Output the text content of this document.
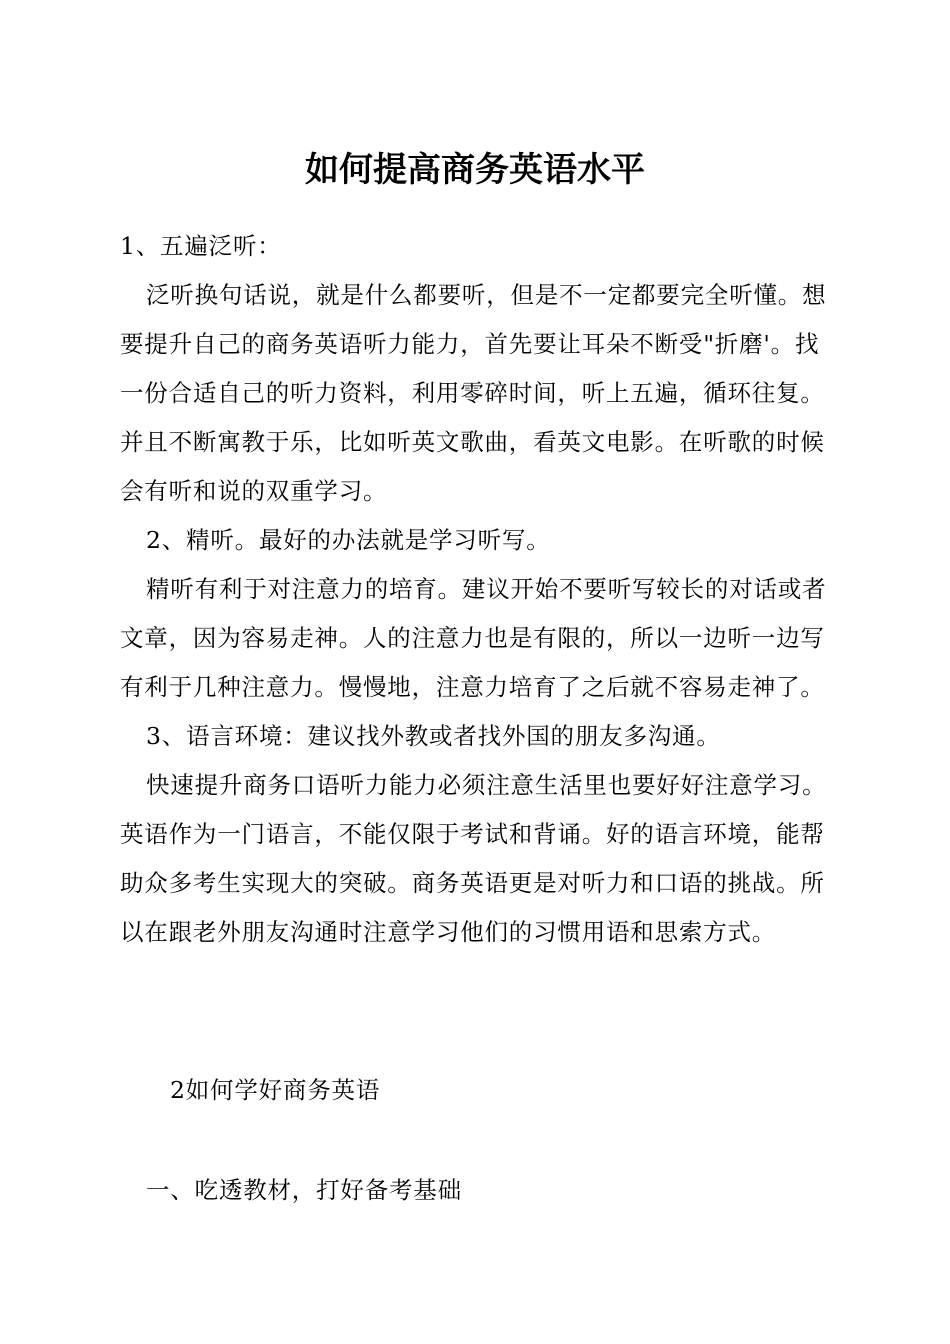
如何提高商务英语水平

1、五遍泛听：

泛听换句话说，就是什么都要听，但是不一定都要完全听懂。想要提升自己的商务英语听力能力，首先要让耳朵不断受"折磨'。找一份合适自己的听力资料，利用零碎时间，听上五遍，循环往复。并且不断寓教于乐，比如听英文歌曲，看英文电影。在听歌的时候会有听和说的双重学习。

2、精听。最好的办法就是学习听写。

精听有利于对注意力的培育。建议开始不要听写较长的对话或者文章，因为容易走神。人的注意力也是有限的，所以一边听一边写有利于几种注意力。慢慢地，注意力培育了之后就不容易走神了。

3、语言环境：建议找外教或者找外国的朋友多沟通。

快速提升商务口语听力能力必须注意生活里也要好好注意学习。英语作为一门语言，不能仅限于考试和背诵。好的语言环境，能帮助众多考生实现大的突破。商务英语更是对听力和口语的挑战。所以在跟老外朋友沟通时注意学习他们的习惯用语和思索方式。

2如何学好商务英语
一、吃透教材，打好备考基础
